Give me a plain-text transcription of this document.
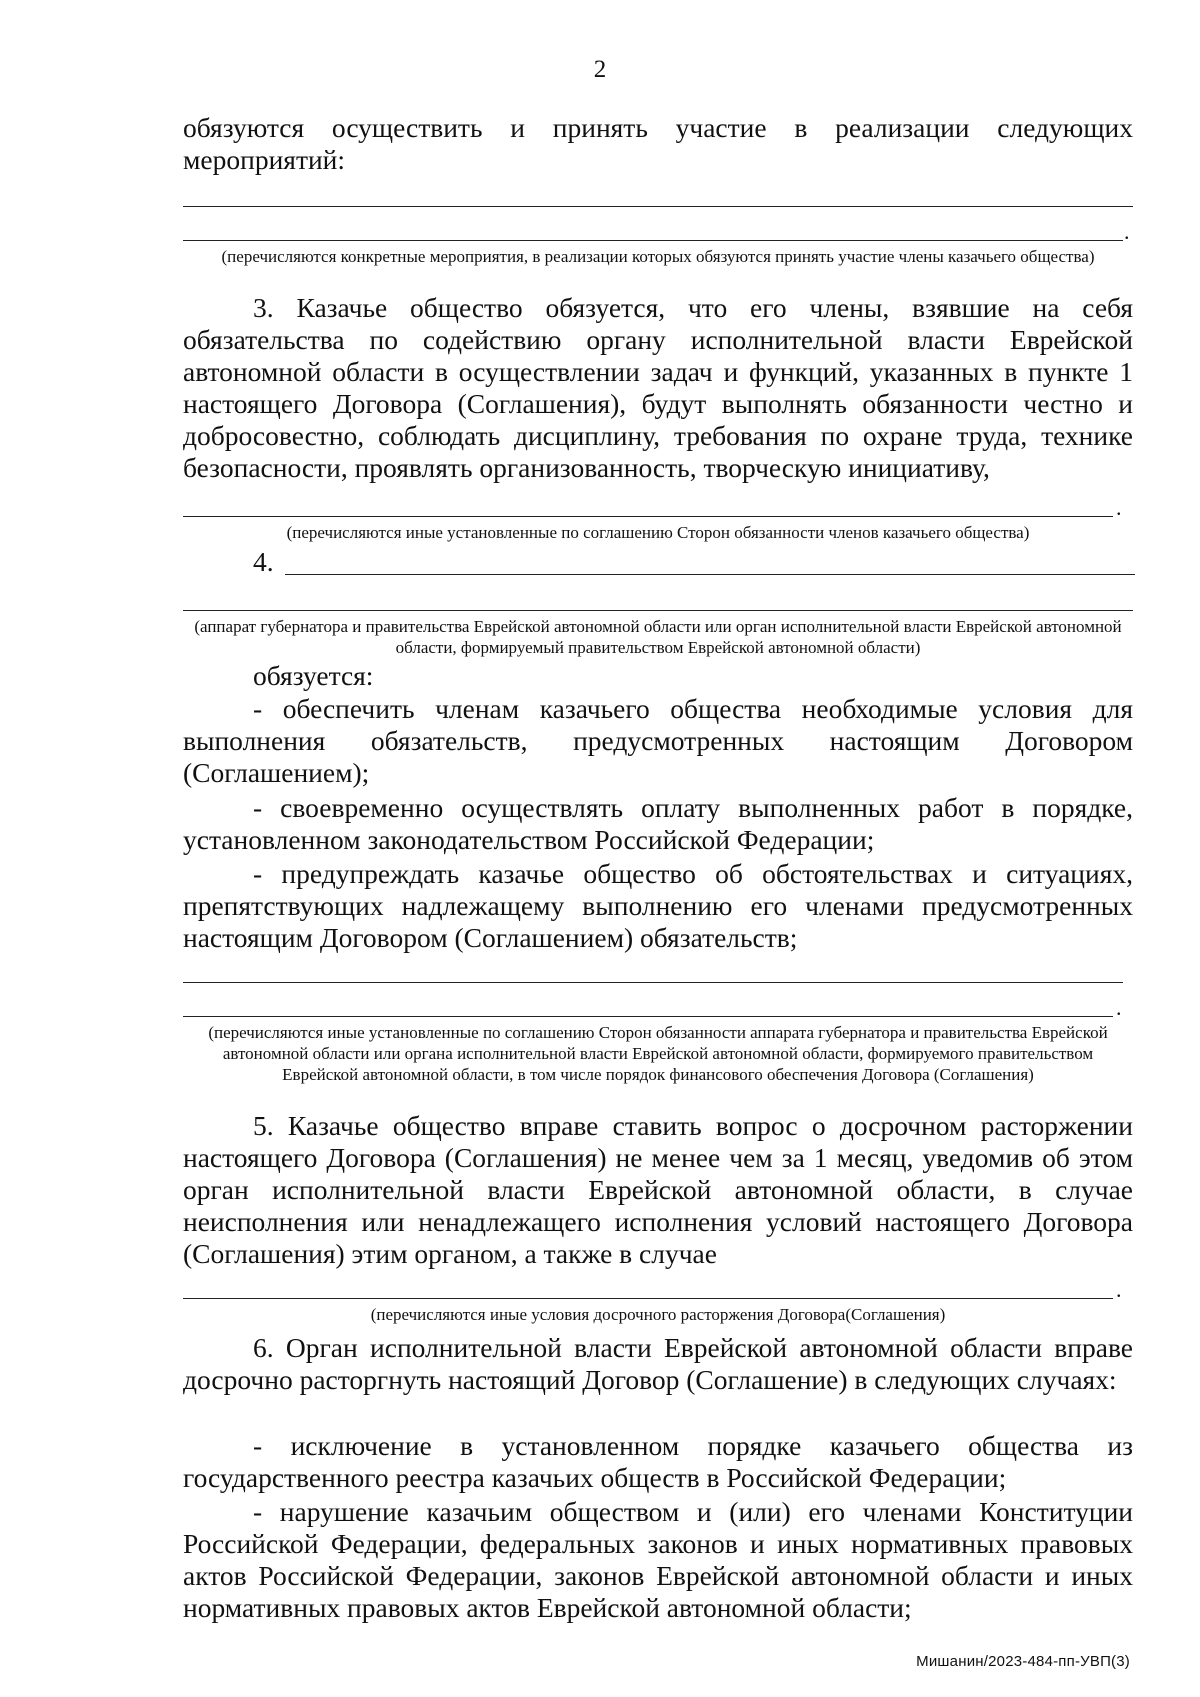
2
обязуются осуществить и принять участие в реализации следующих мероприятий:
.
(перечисляются конкретные мероприятия, в реализации которых обязуются принять участие члены казачьего общества)
3. Казачье общество обязуется, что его члены, взявшие на себя обязательства по содействию органу исполнительной власти Еврейской автономной области в осуществлении задач и функций, указанных в пункте 1 настоящего Договора (Соглашения), будут выполнять обязанности честно и добросовестно, соблюдать дисциплину, требования по охране труда, технике безопасности, проявлять организованность, творческую инициативу,
.
(перечисляются иные установленные по соглашению Сторон обязанности членов казачьего общества)
4.
(аппарат губернатора и правительства Еврейской автономной области или орган исполнительной власти Еврейской автономной области, формируемый правительством Еврейской автономной области)
обязуется:
- обеспечить членам казачьего общества необходимые условия для выполнения обязательств, предусмотренных настоящим Договором (Соглашением);
- своевременно осуществлять оплату выполненных работ в порядке, установленном законодательством Российской Федерации;
- предупреждать казачье общество об обстоятельствах и ситуациях, препятствующих надлежащему выполнению его членами предусмотренных настоящим Договором (Соглашением) обязательств;
.
(перечисляются иные установленные по соглашению Сторон обязанности аппарата губернатора и правительства Еврейской автономной области или органа исполнительной власти Еврейской автономной области, формируемого правительством Еврейской автономной области, в том числе порядок финансового обеспечения Договора (Соглашения)
5. Казачье общество вправе ставить вопрос о досрочном расторжении настоящего Договора (Соглашения) не менее чем за 1 месяц, уведомив об этом орган исполнительной власти Еврейской автономной области, в случае неисполнения или ненадлежащего исполнения условий настоящего Договора (Соглашения) этим органом, а также в случае
.
(перечисляются иные условия досрочного расторжения Договора(Соглашения)
6. Орган исполнительной власти Еврейской автономной области вправе досрочно расторгнуть настоящий Договор (Соглашение) в следующих случаях:
- исключение в установленном порядке казачьего общества из государственного реестра казачьих обществ в Российской Федерации;
- нарушение казачьим обществом и (или) его членами Конституции Российской Федерации, федеральных законов и иных нормативных правовых актов Российской Федерации, законов Еврейской автономной области и иных нормативных правовых актов Еврейской автономной области;
Мишанин/2023-484-пп-УВП(3)
